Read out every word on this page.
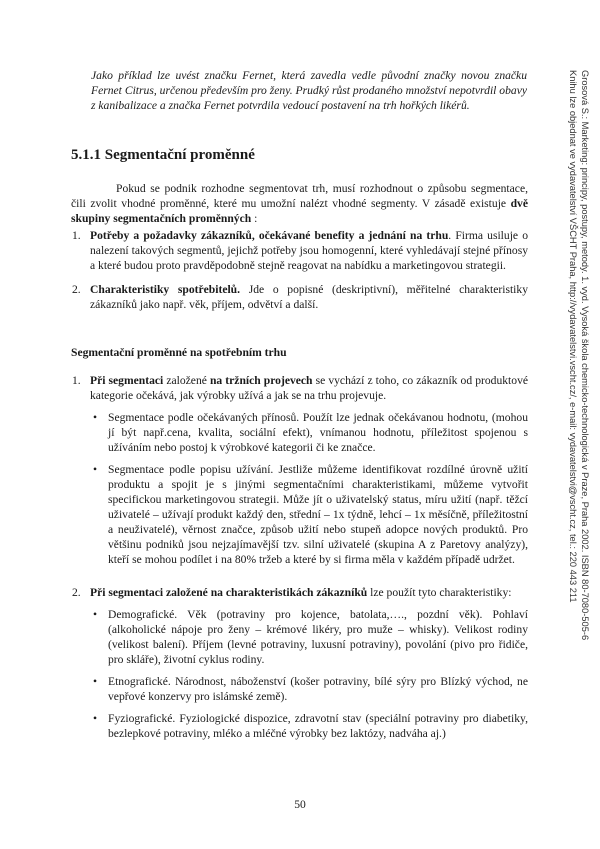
Jako příklad lze uvést značku Fernet, která zavedla vedle původní značky novou značku Fernet Citrus, určenou především pro ženy. Prudký růst prodaného množství nepotvrdil obavy z kanibalizace a značka Fernet potvrdila vedoucí postavení na trh hořkých likérů.

5.1.1 Segmentační proměnné

Pokud se podnik rozhodne segmentovat trh, musí rozhodnout o způsobu segmentace, čili zvolit vhodné proměnné, které mu umožní nalézt vhodné segmenty. V zásadě existuje dvě skupiny segmentačních proměnných :

1. Potřeby a požadavky zákazníků, očekávané benefity a jednání na trhu. Firma usiluje o nalezení takových segmentů, jejichž potřeby jsou homogenní, které vyhledávají stejné přínosy a které budou proto pravděpodobně stejně reagovat na nabídku a marketingovou strategii.
2. Charakteristiky spotřebitelů. Jde o popisné (deskriptivní), měřitelné charakteristiky zákazníků jako např. věk, příjem, odvětví a další.
Segmentační proměnné na spotřebním trhu
1. Při segmentaci založené na tržních projevech se vychází z toho, co zákazník od produktové kategorie očekává, jak výrobky užívá a jak se na trhu projevuje.
• Segmentace podle očekávaných přínosů. Použít lze jednak očekávanou hodnotu, (mohou jí být např.cena, kvalita, sociální efekt), vnímanou hodnotu, příležitost spojenou s užíváním nebo postoj k výrobkové kategorii či ke značce.
• Segmentace podle popisu užívání. Jestliže můžeme identifikovat rozdílné úrovně užití produktu a spojit je s jinými segmentačními charakteristikami, můžeme vytvořit specifickou marketingovou strategii. Může jít o uživatelský status, míru užití (např. těžcí uživatelé – užívají produkt každý den, střední – 1x týdně, lehcí – 1x měsíčně, příležitostní a neuživatelé), věrnost značce, způsob užití nebo stupeň adopce nových produktů. Pro většinu podniků jsou nejzajímavější tzv. silní uživatelé (skupina A z Paretovy analýzy), kteří se mohou podílet i na 80% tržeb a které by si firma měla v každém případě udržet.
2. Při segmentaci založené na charakteristikách zákazníků lze použít tyto charakteristiky:
• Demografické. Věk (potraviny pro kojence, batolata,…., pozdní věk). Pohlaví (alkoholické nápoje pro ženy – krémové likéry, pro muže – whisky). Velikost rodiny (velikost balení). Příjem (levné potraviny, luxusní potraviny), povolání (pivo pro řidiče, pro skláře), životní cyklus rodiny.
• Etnografické. Národnost, náboženství (košer potraviny, bílé sýry pro Blízký východ, ne vepřové konzervy pro islámské země).
• Fyziografické. Fyziologické dispozice, zdravotní stav (speciální potraviny pro diabetiky, bezlepkové potraviny, mléko a mléčné výrobky bez laktózy, nadváha aj.)
Grosová S.: Marketing: principy, postupy, metody. 1. vyd. Vysoká škola chemicko-technologická v Praze, Praha 2002. ISBN 80-7080-505-6
Knihu lze objednat ve vydavatelství VŠCHT Praha, http://vydavatelstvi.vscht.cz/, e-mail: vydavatelstvi@vscht.cz, tel.: 220 443 211
50
